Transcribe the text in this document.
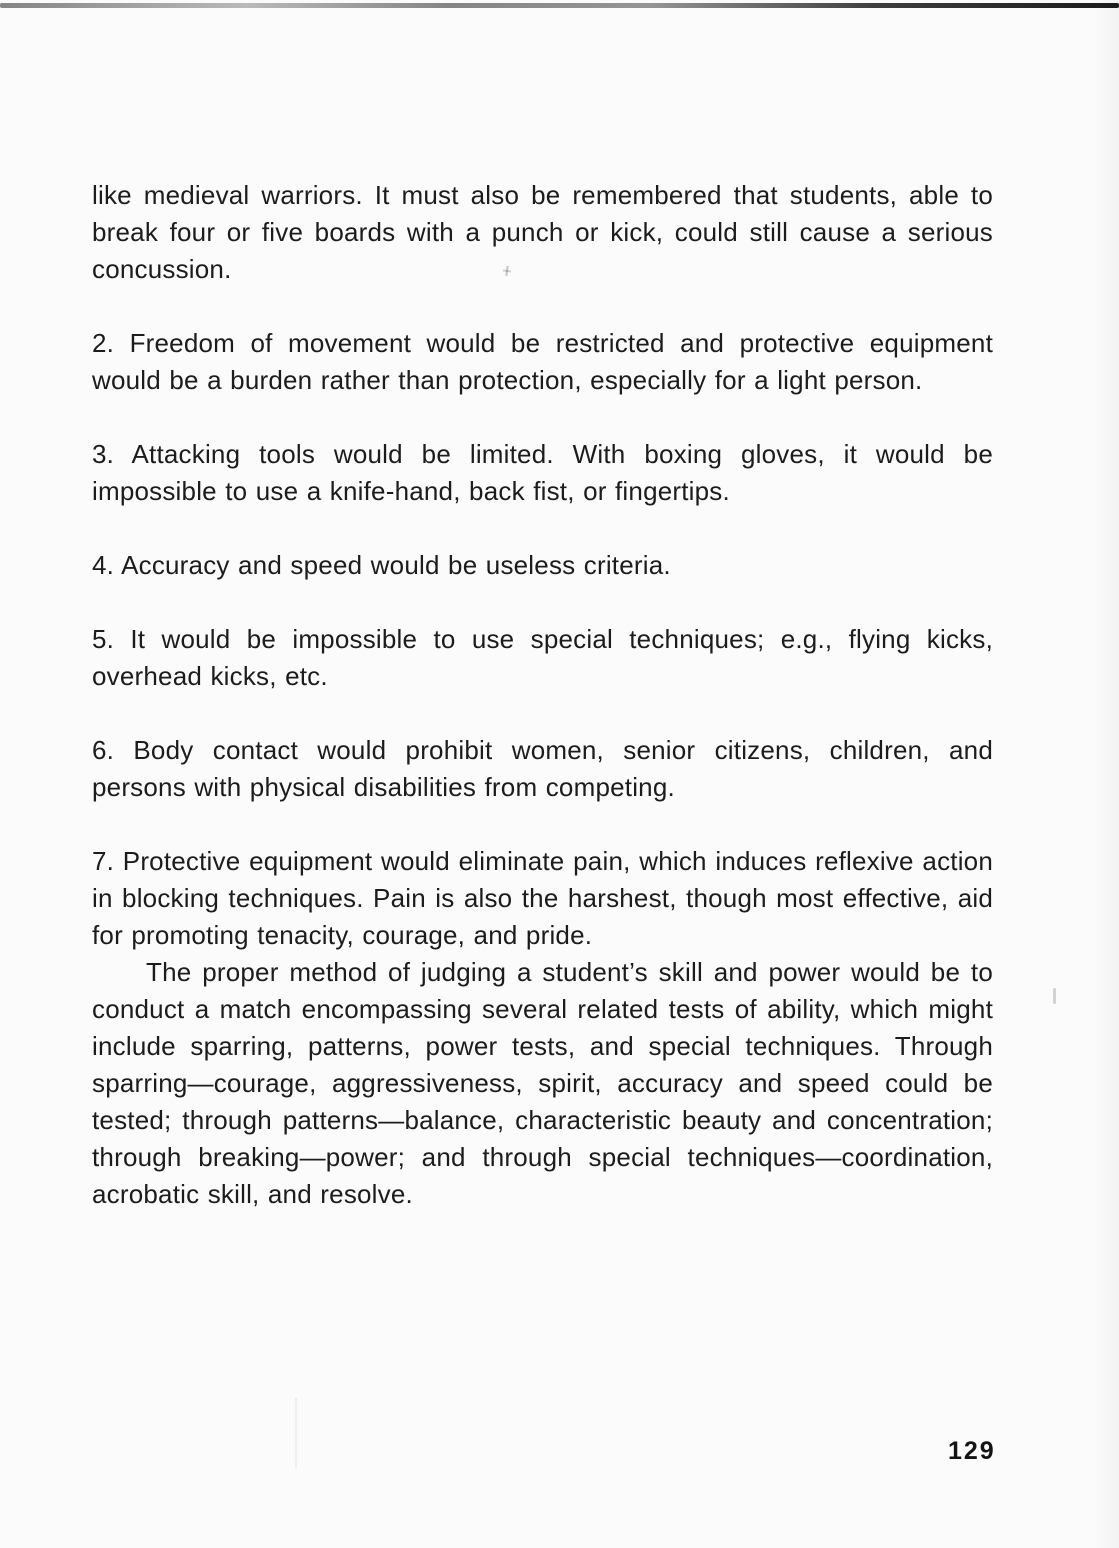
like medieval warriors. It must also be remembered that students, able to break four or five boards with a punch or kick, could still cause a serious concussion.

2. Freedom of movement would be restricted and protective equipment would be a burden rather than protection, especially for a light person.

3. Attacking tools would be limited. With boxing gloves, it would be impossible to use a knife-hand, back fist, or fingertips.

4. Accuracy and speed would be useless criteria.

5. It would be impossible to use special techniques; e.g., flying kicks, overhead kicks, etc.

6. Body contact would prohibit women, senior citizens, children, and persons with physical disabilities from competing.

7. Protective equipment would eliminate pain, which induces reflexive action in blocking techniques. Pain is also the harshest, though most effective, aid for promoting tenacity, courage, and pride.

The proper method of judging a student’s skill and power would be to conduct a match encompassing several related tests of ability, which might include sparring, patterns, power tests, and special techniques. Through sparring—courage, aggressiveness, spirit, accuracy and speed could be tested; through patterns—balance, characteristic beauty and concentration; through breaking—power; and through special techniques—coordination, acrobatic skill, and resolve.

129
